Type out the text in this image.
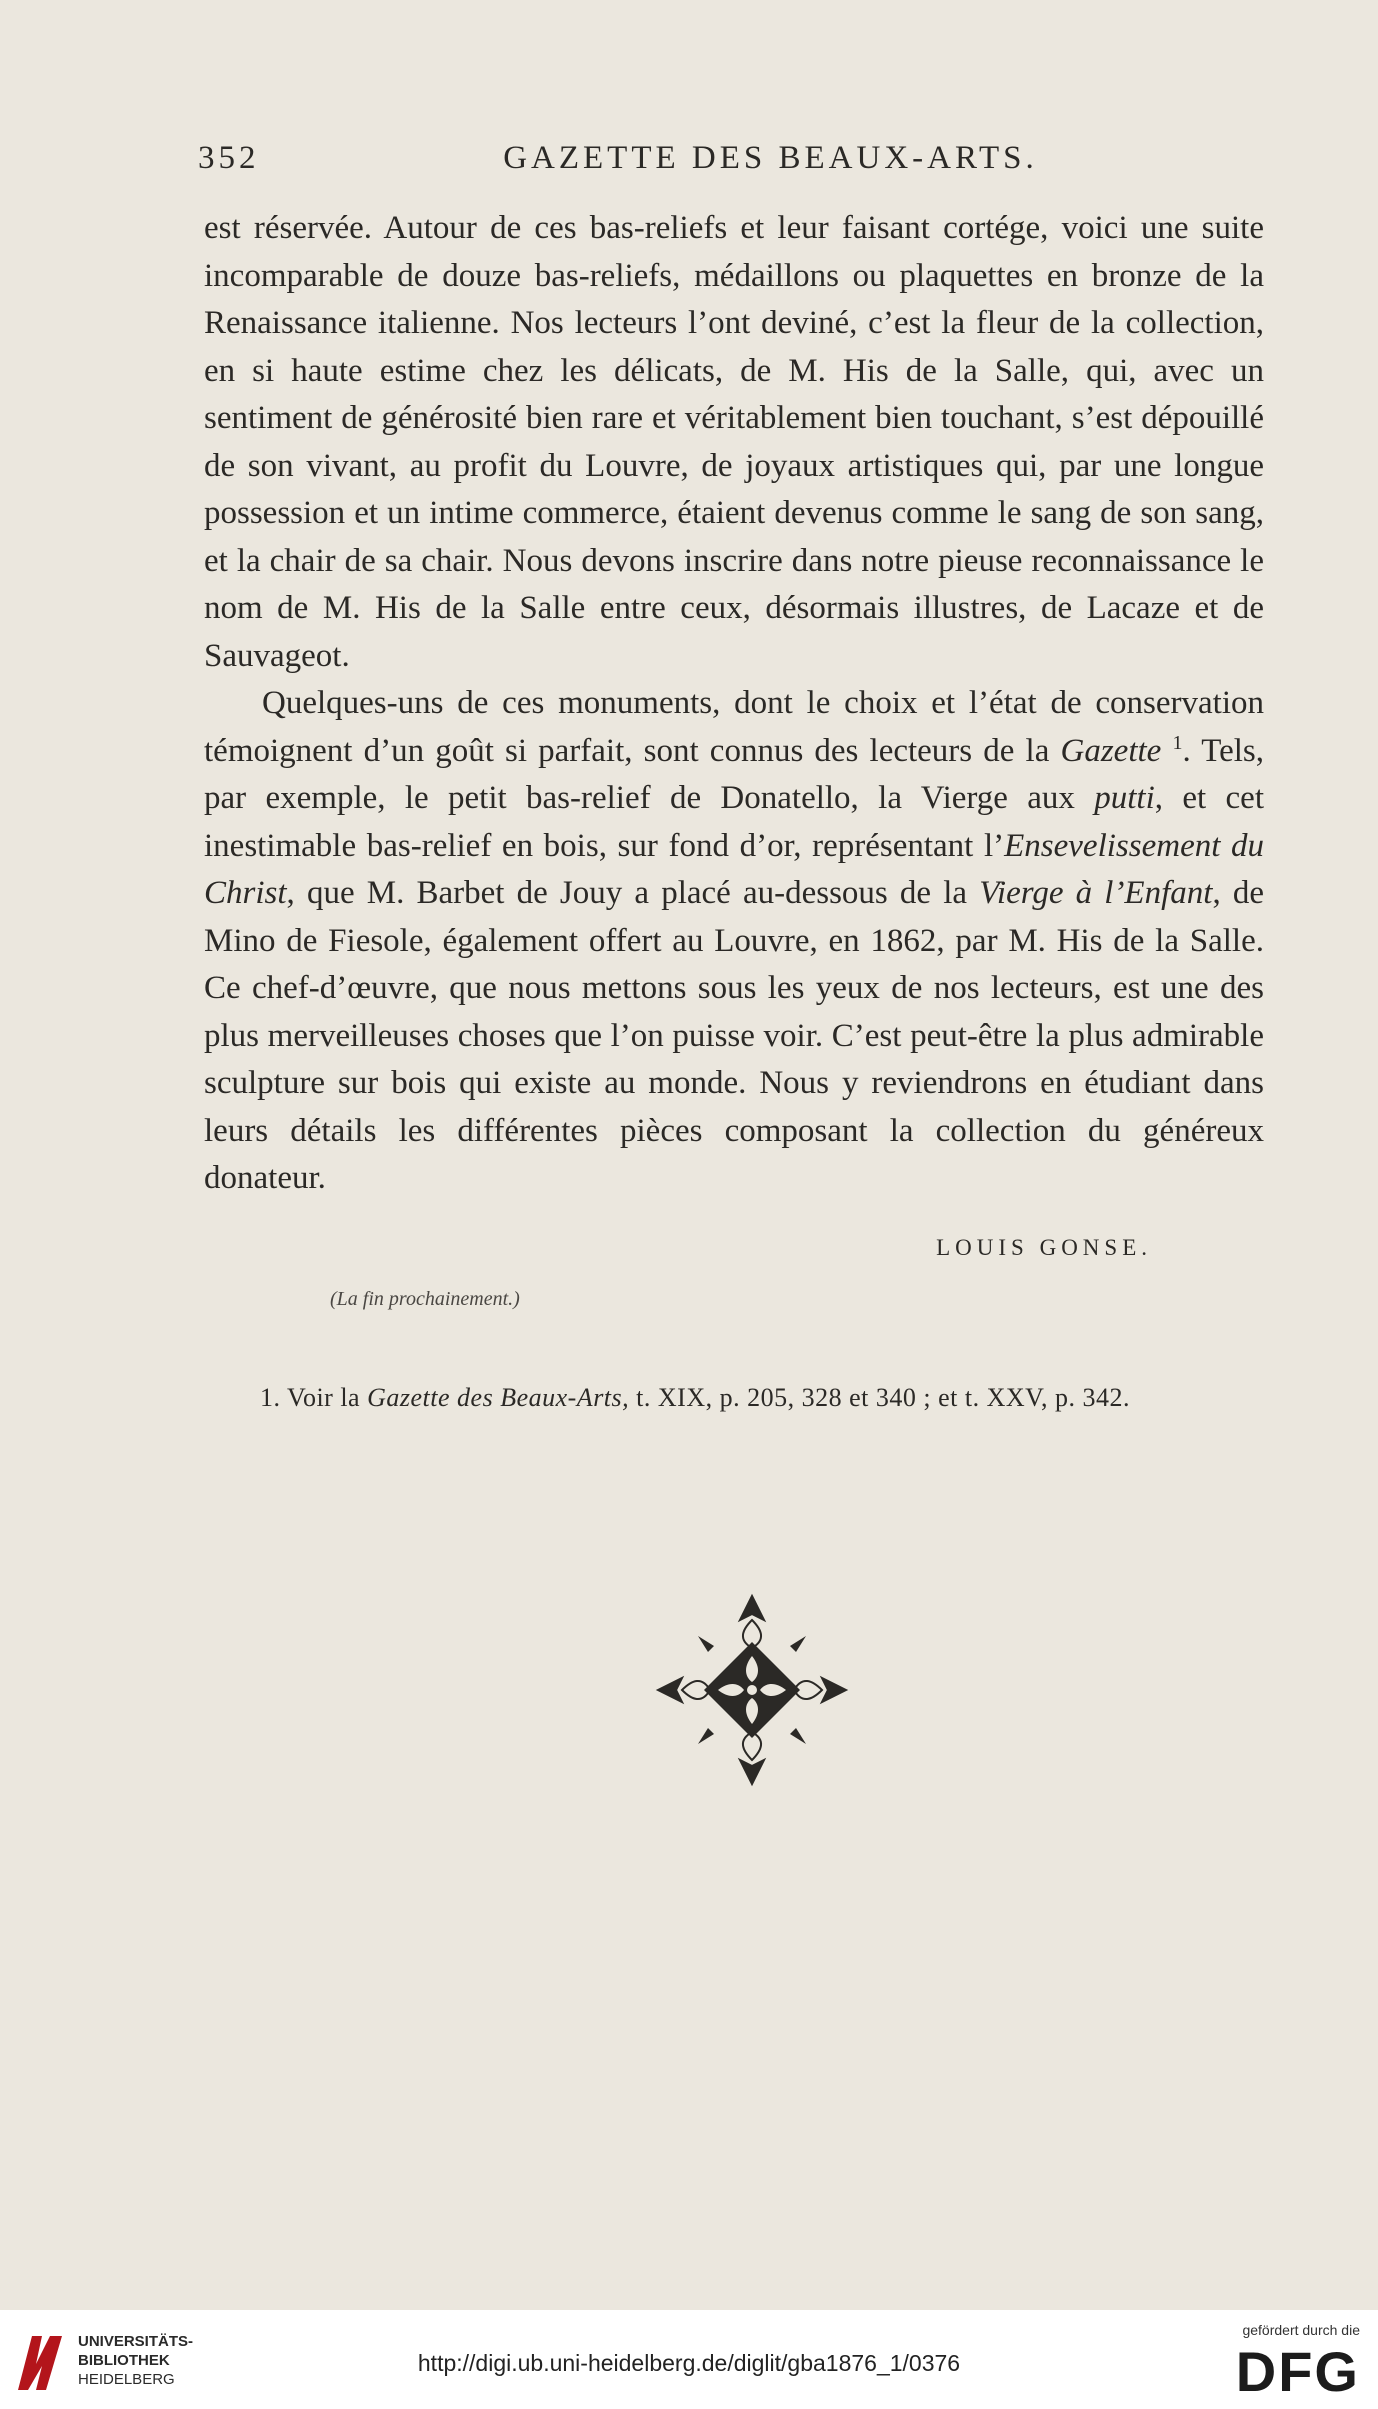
352	GAZETTE DES BEAUX-ARTS.

est réservée. Autour de ces bas-reliefs et leur faisant cortége, voici une suite incomparable de douze bas-reliefs, médaillons ou plaquettes en bronze de la Renaissance italienne. Nos lecteurs l’ont deviné, c’est la fleur de la collection, en si haute estime chez les délicats, de M. His de la Salle, qui, avec un sentiment de générosité bien rare et véritablement bien touchant, s’est dépouillé de son vivant, au profit du Louvre, de joyaux artistiques qui, par une longue possession et un intime commerce, étaient devenus comme le sang de son sang, et la chair de sa chair. Nous devons inscrire dans notre pieuse reconnaissance le nom de M. His de la Salle entre ceux, désormais illustres, de Lacaze et de Sauvageot.

Quelques-uns de ces monuments, dont le choix et l’état de conservation témoignent d’un goût si parfait, sont connus des lecteurs de la Gazette $^1$. Tels, par exemple, le petit bas-relief de Donatello, la Vierge aux putti, et cet inestimable bas-relief en bois, sur fond d’or, représentant l’Ensevelissement du Christ, que M. Barbet de Jouy a placé au-dessous de la Vierge à l’Enfant, de Mino de Fiesole, également offert au Louvre, en 1862, par M. His de la Salle. Ce chef-d’œuvre, que nous mettons sous les yeux de nos lecteurs, est une des plus merveilleuses choses que l’on puisse voir. C’est peut-être la plus admirable sculpture sur bois qui existe au monde. Nous y reviendrons en étudiant dans leurs détails les différentes pièces composant la collection du généreux donateur.

LOUIS GONSE.
(La fin prochainement.)
1. Voir la Gazette des Beaux-Arts, t. XIX, p. 205, 328 et 340 ; et t. XXV, p. 342.
UNIVERSITÄTS-
BIBLIOTHEK
HEIDELBERG
http://digi.ub.uni-heidelberg.de/diglit/gba1876_1/0376
gefördert durch die
DFG
